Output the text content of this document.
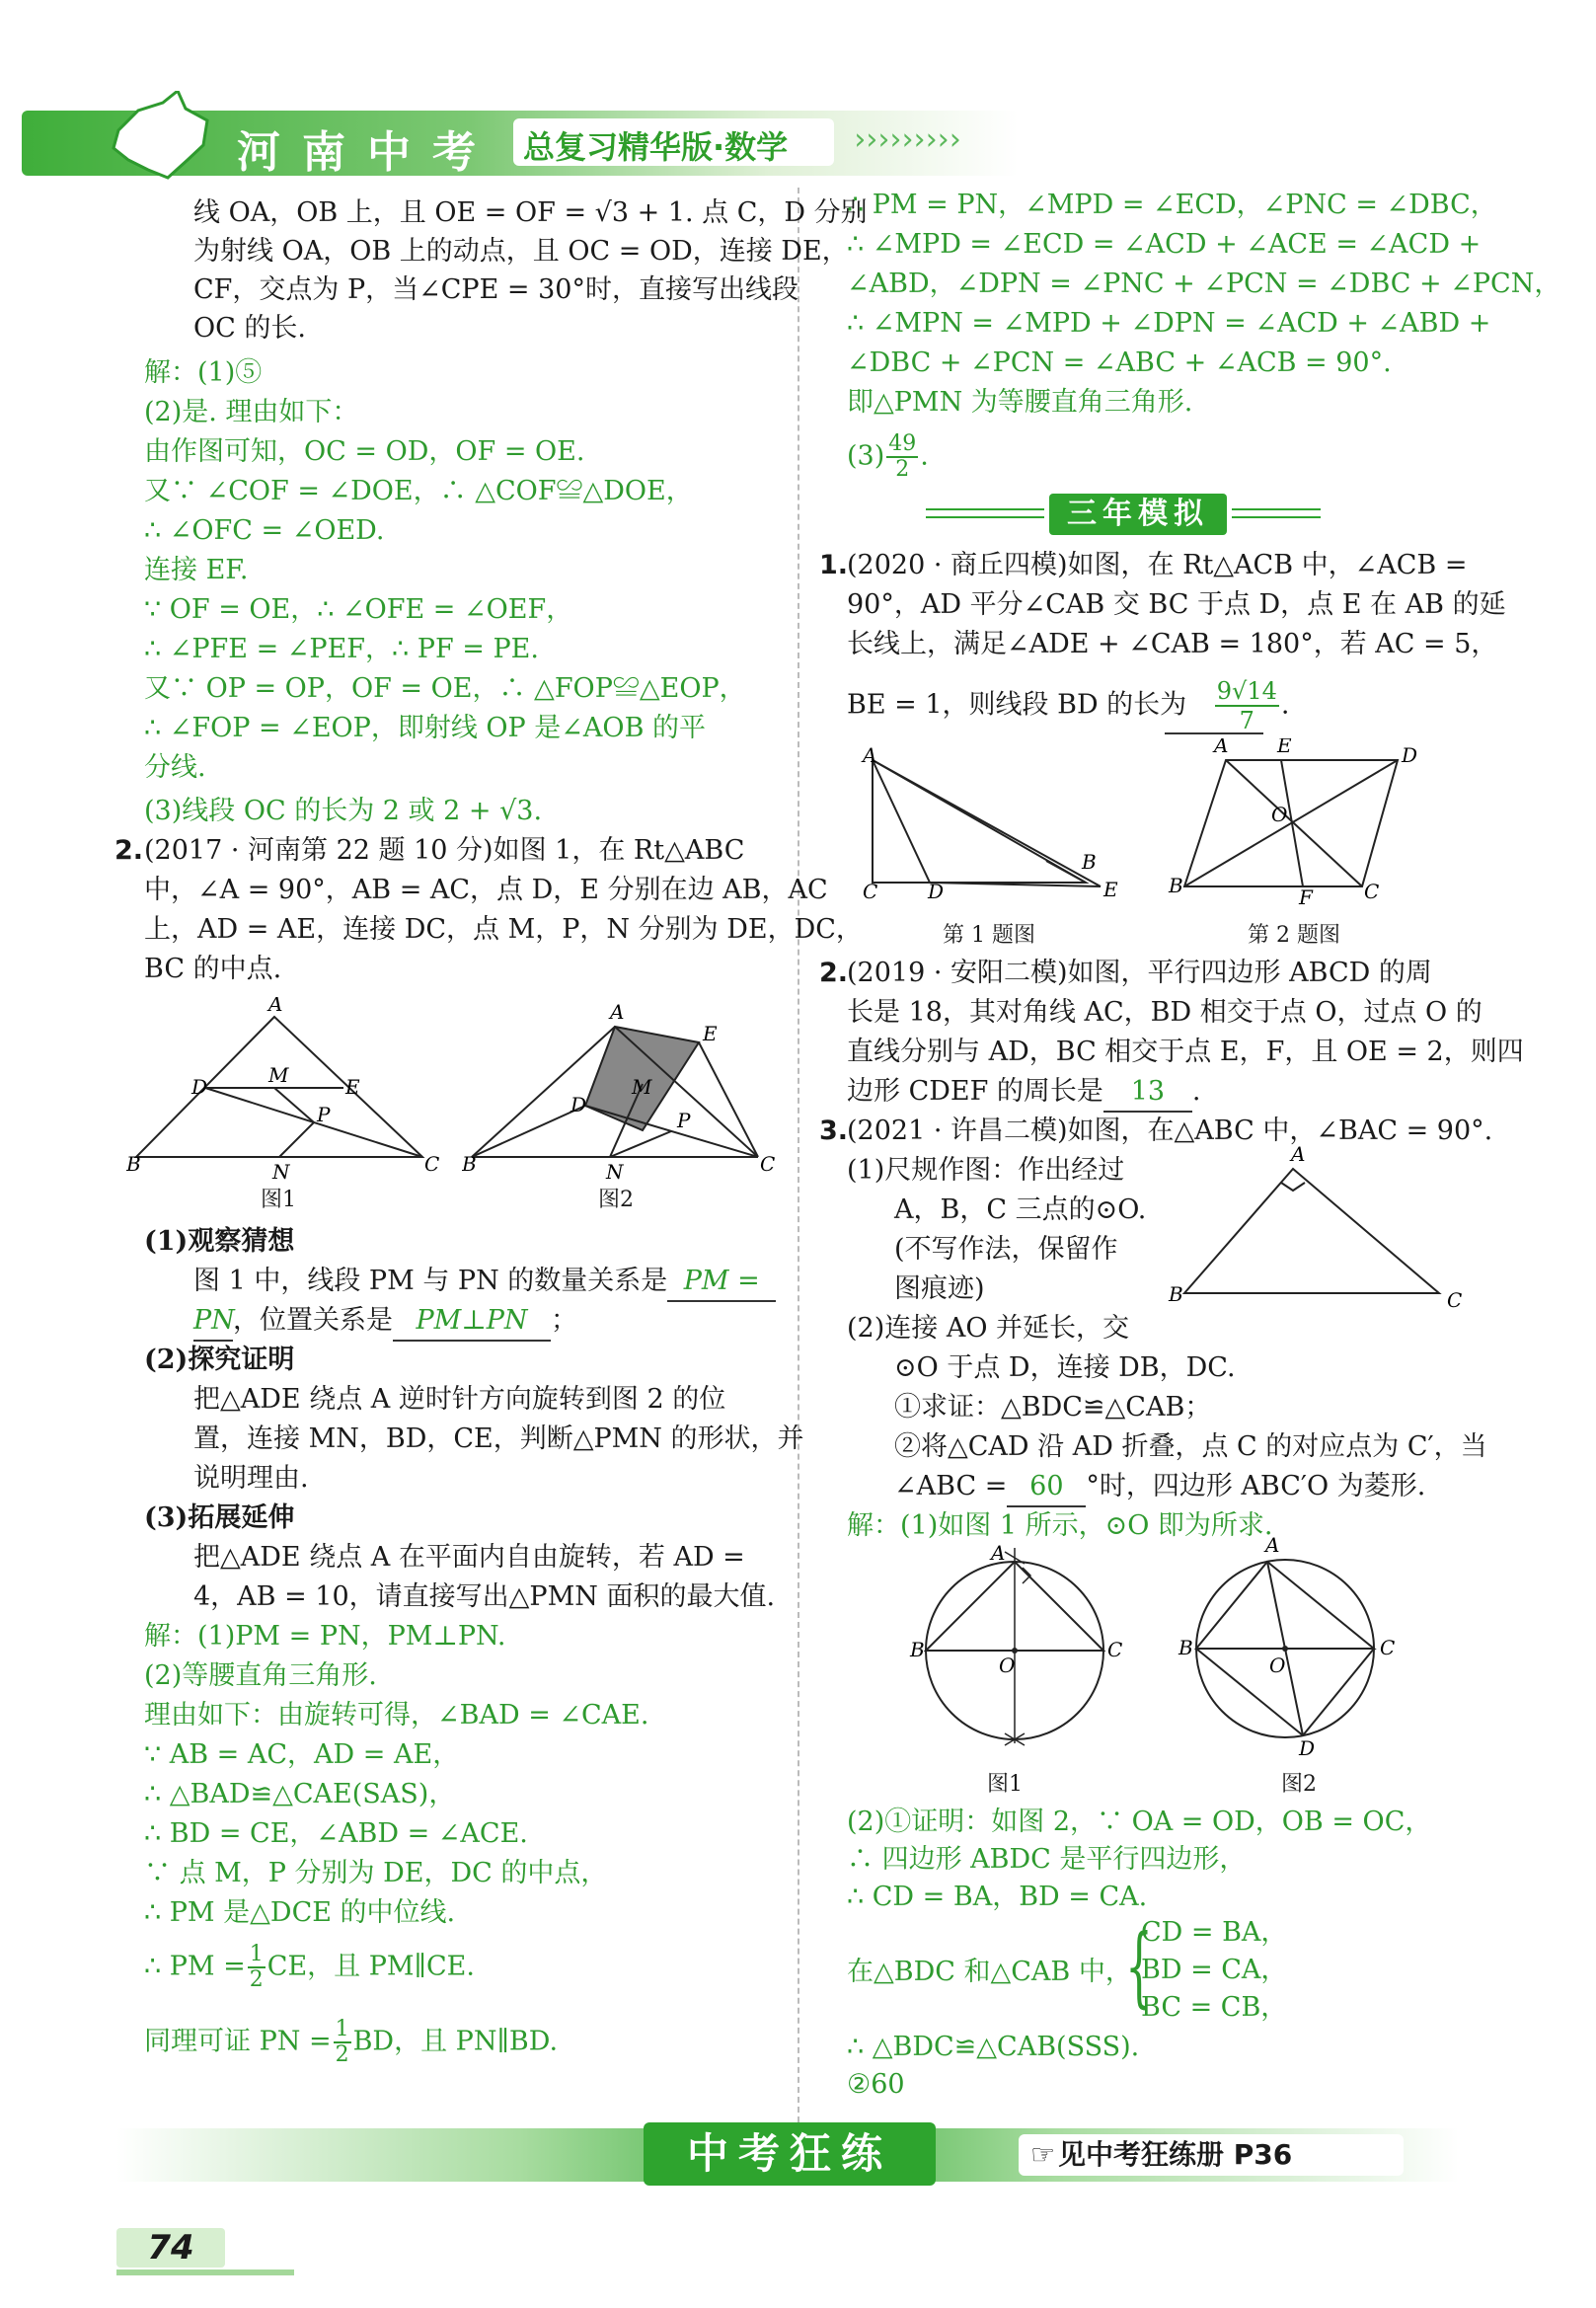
河南中考 总复习精华版·数学 ›››››››››
线 OA，OB 上，且 OE = OF = √3 + 1. 点 C，D 分别
为射线 OA，OB 上的动点，且 OC = OD，连接 DE，
CF，交点为 P，当∠CPE = 30°时，直接写出线段
OC 的长.
解：(1)⑤
(2)是. 理由如下：
由作图可知，OC = OD，OF = OE.
又∵ ∠COF = ∠DOE，∴ △COF≌△DOE，
∴ ∠OFC = ∠OED.
连接 EF.
∵ OF = OE，∴ ∠OFE = ∠OEF，
∴ ∠PFE = ∠PEF，∴ PF = PE.
又∵ OP = OP，OF = OE，∴ △FOP≌△EOP，
∴ ∠FOP = ∠EOP，即射线 OP 是∠AOB 的平
分线.
(3)线段 OC 的长为 2 或 2 + √3.
2. (2017 · 河南第 22 题 10 分)如图 1，在 Rt△ABC
中，∠A = 90°，AB = AC，点 D，E 分别在边 AB，AC
上，AD = AE，连接 DC，点 M，P，N 分别为 DE，DC，
BC 的中点.
A
D	E
M
P
B	C
N
图1
A
E
D
M
P
B	C
N
图2
(1)观察猜想
图 1 中，线段 PM 与 PN 的数量关系是 PM =
PN，位置关系是 PM⊥PN ；
(2)探究证明
把△ADE 绕点 A 逆时针方向旋转到图 2 的位
置，连接 MN，BD，CE，判断△PMN 的形状，并
说明理由.
(3)拓展延伸
把△ADE 绕点 A 在平面内自由旋转，若 AD =
4，AB = 10，请直接写出△PMN 面积的最大值.
解：(1)PM = PN，PM⊥PN.
(2)等腰直角三角形.
理由如下：由旋转可得，∠BAD = ∠CAE.
∵ AB = AC，AD = AE，
∴ △BAD≌△CAE(SAS)，
∴ BD = CE，∠ABD = ∠ACE.
∵ 点 M，P 分别为 DE，DC 的中点，
∴ PM 是△DCE 的中位线.
∴ PM = $\frac{1}{2}$ CE，且 PM∥CE.
同理可证 PN = $\frac{1}{2}$ BD，且 PN∥BD.
∴ PM = PN，∠MPD = ∠ECD，∠PNC = ∠DBC，
∴ ∠MPD = ∠ECD = ∠ACD + ∠ACE = ∠ACD +
∠ABD，∠DPN = ∠PNC + ∠PCN = ∠DBC + ∠PCN，
∴ ∠MPN = ∠MPD + ∠DPN = ∠ACD + ∠ABD +
∠DBC + ∠PCN = ∠ABC + ∠ACB = 90°.
即△PMN 为等腰直角三角形.
$(3) \frac{49}{2}$ .
三年模拟
1.
(2020 · 商丘四模)如图，在 Rt△ACB 中，∠ACB =
90°，AD 平分∠CAB 交 BC 于点 D，点 E 在 AB 的延
长线上，满足∠ADE + ∠CAB = 180°，若 AC = 5，
BE = 1，则线段 BD 的长为 $\frac{9√14}{7}$ .
A
C	D
B
E
第 1 题图
A E	D
O
B	F	C
第 2 题图
2.
(2019 · 安阳二模)如图，平行四边形 ABCD 的周
长是 18，其对角线 AC，BD 相交于点 O，过点 O 的
直线分别与 AD，BC 相交于点 E，F，且 OE = 2，则四
边形 CDEF 的周长是 13 .
3.
(2021 · 许昌二模)如图，在△ABC 中，∠BAC = 90°.
(1)尺规作图：作出经过
A，B，C 三点的⊙O.
(不写作法，保留作
图痕迹)
A
B	C
(2)连接 AO 并延长，交
⊙O 于点 D，连接 DB，DC.
①求证：△BDC≌△CAB；
②将△CAD 沿 AD 折叠，点 C 的对应点为 C′，当
∠ABC = 60 °时，四边形 ABC′O 为菱形.
解：(1)如图 1 所示，⊙O 即为所求.
A
B	C
O
图1
A
B	C
O
D
图2
(2)①证明：如图 2，∵ OA = OD，OB = OC，
∴ 四边形 ABDC 是平行四边形，
∴ CD = BA，BD = CA.
在△BDC 和△CAB 中，
{
CD = BA，
BD = CA，
BC = CB，
∴ △BDC≌△CAB(SSS).
②60
中考狂练	见中考狂练册 P36
☞
74
